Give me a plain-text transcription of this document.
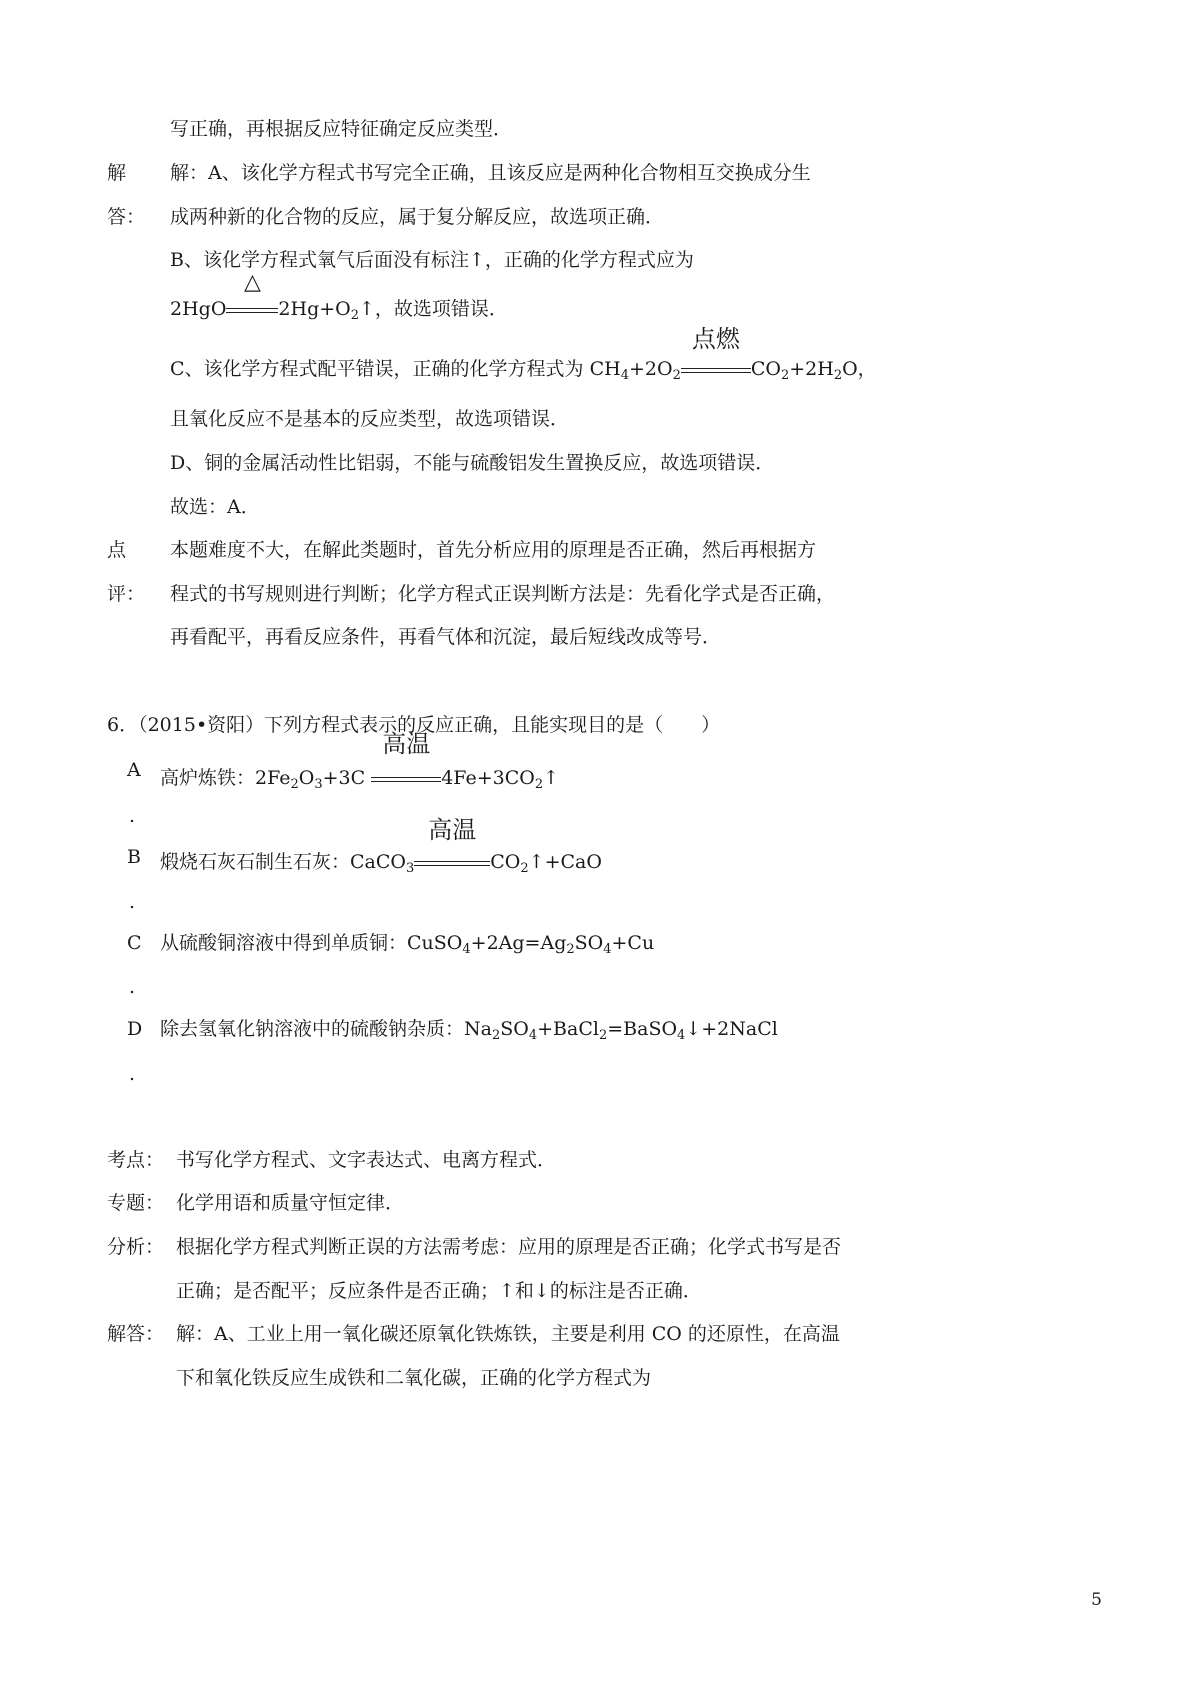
写正确，再根据反应特征确定反应类型．
解
答：
解：A、该化学方程式书写完全正确，且该反应是两种化合物相互交换成分生
成两种新的化合物的反应，属于复分解反应，故选项正确．
B、该化学方程式氧气后面没有标注↑，正确的化学方程式应为
2HgO
△
$2Hg+O_2↑$，故选项错误．
C、该化学方程式配平错误，正确的化学方程式为 $CH_4+2O_2$
点燃
$CO_2+2H_2O$，
且氧化反应不是基本的反应类型，故选项错误．
D、铜的金属活动性比铝弱，不能与硫酸铝发生置换反应，故选项错误．
故选：A．
点
评：
本题难度不大，在解此类题时，首先分析应用的原理是否正确，然后再根据方
程式的书写规则进行判断；化学方程式正误判断方法是：先看化学式是否正确，
再看配平，再看反应条件，再看气体和沉淀，最后短线改成等号．
6．（2015•资阳）下列方程式表示的反应正确，且能实现目的是（　　）
A 高炉炼铁：$2Fe_2O_3+3C$
高温
$4Fe+3CO_2↑$
.
B 煅烧石灰石制生石灰：CaCO$_3$
高温
$CO_2↑+CaO$
.
C 从硫酸铜溶液中得到单质铜：$CuSO_4+2Ag=Ag_2SO_4+Cu$
.
D 除去氢氧化钠溶液中的硫酸钠杂质：$Na_2SO_4+BaCl_2=BaSO_4↓+2NaCl$
.
考点： 书写化学方程式、文字表达式、电离方程式．
专题： 化学用语和质量守恒定律．
分析： 根据化学方程式判断正误的方法需考虑：应用的原理是否正确；化学式书写是否
正确；是否配平；反应条件是否正确；↑和↓的标注是否正确．
解答： 解：A、工业上用一氧化碳还原氧化铁炼铁，主要是利用 CO 的还原性，在高温
下和氧化铁反应生成铁和二氧化碳，正确的化学方程式为
5
